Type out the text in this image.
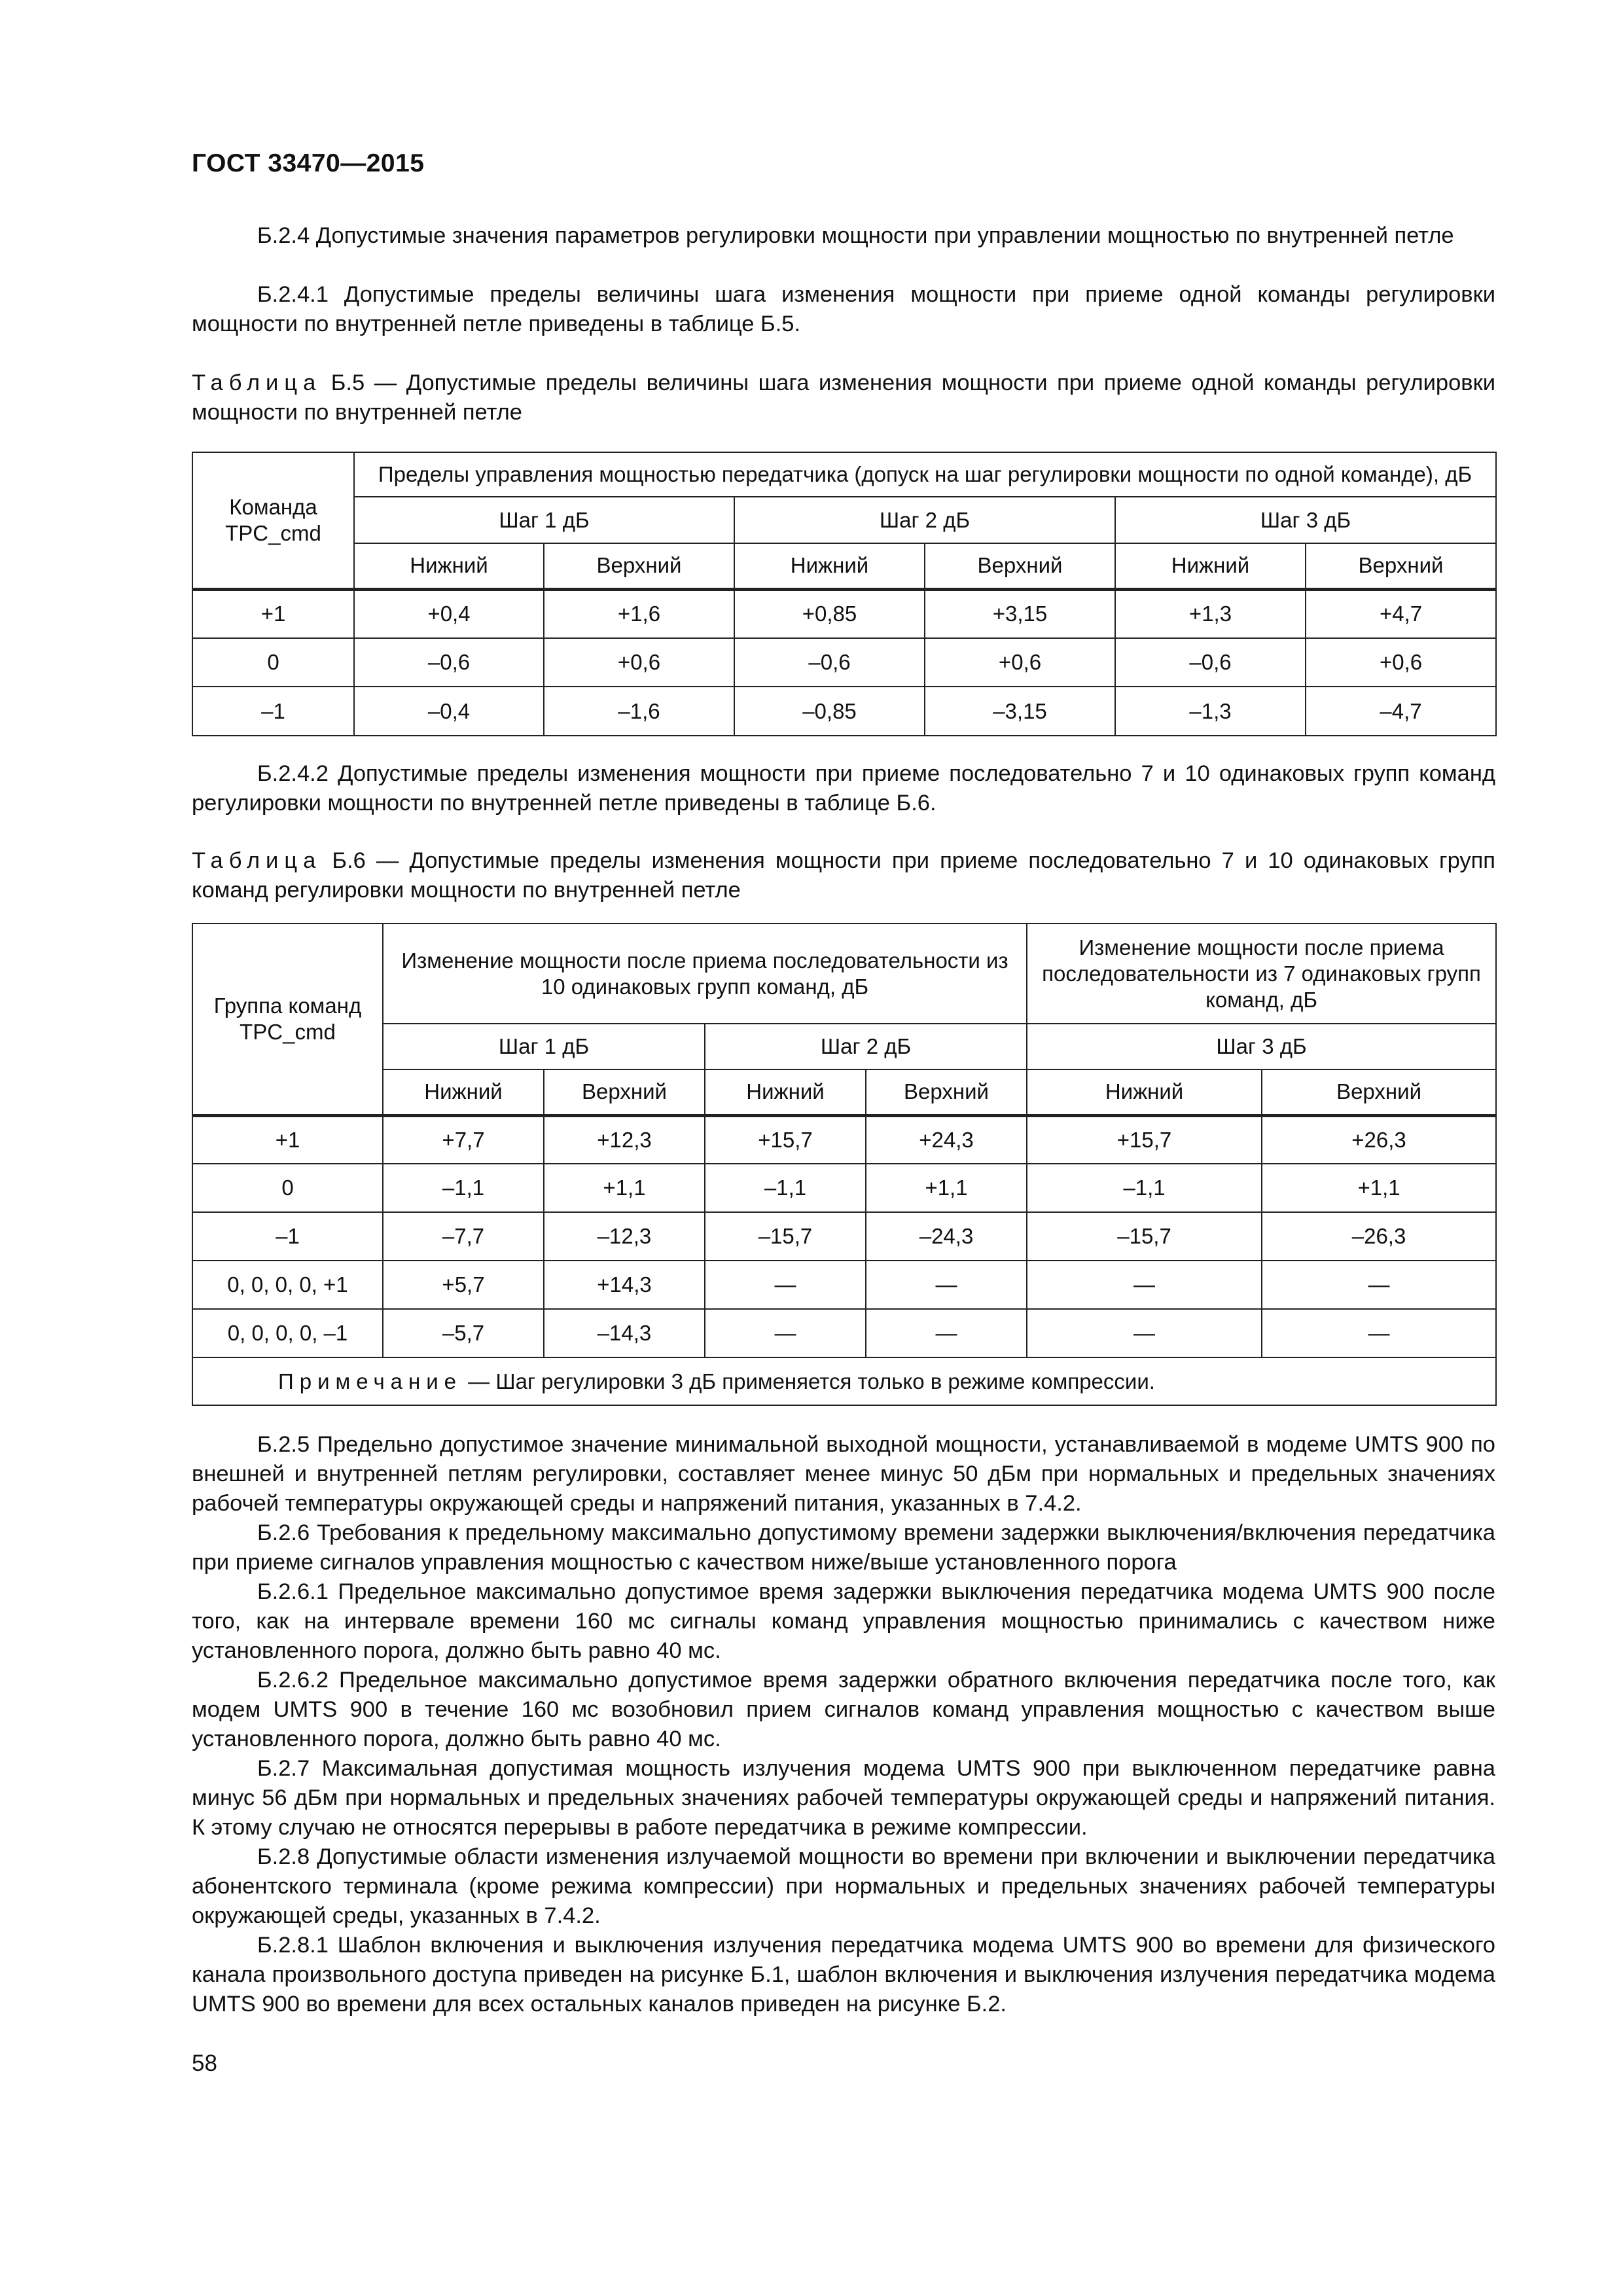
ГОСТ 33470—2015
Б.2.4 Допустимые значения параметров регулировки мощности при управлении мощностью по внутренней петле
Б.2.4.1 Допустимые пределы величины шага изменения мощности при приеме одной команды регулировки мощности по внутренней петле приведены в таблице Б.5.
Таблица Б.5 — Допустимые пределы величины шага изменения мощности при приеме одной команды регулировки мощности по внутренней петле
Команда TPC_cmd	Пределы управления мощностью передатчика (допуск на шаг регулировки мощности по одной команде), дБ					
	Шаг 1 дБ		Шаг 2 дБ		Шаг 3 дБ	
	Нижний	Верхний	Нижний	Верхний	Нижний	Верхний
+1	+0,4	+1,6	+0,85	+3,15	+1,3	+4,7
0	–0,6	+0,6	–0,6	+0,6	–0,6	+0,6
–1	–0,4	–1,6	–0,85	–3,15	–1,3	–4,7
Б.2.4.2 Допустимые пределы изменения мощности при приеме последовательно 7 и 10 одинаковых групп команд регулировки мощности по внутренней петле приведены в таблице Б.6.
Таблица Б.6 — Допустимые пределы изменения мощности при приеме последовательно 7 и 10 одинаковых групп команд регулировки мощности по внутренней петле
Группа команд TPC_cmd	Изменение мощности после приема последовательности из 10 одинаковых групп команд, дБ				Изменение мощности после приема последовательности из 7 одинаковых групп команд, дБ	
	Шаг 1 дБ		Шаг 2 дБ		Шаг 3 дБ	
	Нижний	Верхний	Нижний	Верхний	Нижний	Верхний
+1	+7,7	+12,3	+15,7	+24,3	+15,7	+26,3
0	–1,1	+1,1	–1,1	+1,1	–1,1	+1,1
–1	–7,7	–12,3	–15,7	–24,3	–15,7	–26,3
0, 0, 0, 0, +1	+5,7	+14,3	—	—	—	—
0, 0, 0, 0, –1	–5,7	–14,3	—	—	—	—
Примечание — Шаг регулировки 3 дБ применяется только в режиме компрессии.						
Б.2.5 Предельно допустимое значение минимальной выходной мощности, устанавливаемой в модеме UMTS 900 по внешней и внутренней петлям регулировки, составляет менее минус 50 дБм при нормальных и предельных значениях рабочей температуры окружающей среды и напряжений питания, указанных в 7.4.2.
Б.2.6 Требования к предельному максимально допустимому времени задержки выключения/включения передатчика при приеме сигналов управления мощностью с качеством ниже/выше установленного порога
Б.2.6.1 Предельное максимально допустимое время задержки выключения передатчика модема UMTS 900 после того, как на интервале времени 160 мс сигналы команд управления мощностью принимались с качеством ниже установленного порога, должно быть равно 40 мс.
Б.2.6.2 Предельное максимально допустимое время задержки обратного включения передатчика после того, как модем UMTS 900 в течение 160 мс возобновил прием сигналов команд управления мощностью с качеством выше установленного порога, должно быть равно 40 мс.
Б.2.7 Максимальная допустимая мощность излучения модема UMTS 900 при выключенном передатчике равна минус 56 дБм при нормальных и предельных значениях рабочей температуры окружающей среды и напряжений питания. К этому случаю не относятся перерывы в работе передатчика в режиме компрессии.
Б.2.8 Допустимые области изменения излучаемой мощности во времени при включении и выключении передатчика абонентского терминала (кроме режима компрессии) при нормальных и предельных значениях рабочей температуры окружающей среды, указанных в 7.4.2.
Б.2.8.1 Шаблон включения и выключения излучения передатчика модема UMTS 900 во времени для физического канала произвольного доступа приведен на рисунке Б.1, шаблон включения и выключения излучения передатчика модема UMTS 900 во времени для всех остальных каналов приведен на рисунке Б.2.
58
